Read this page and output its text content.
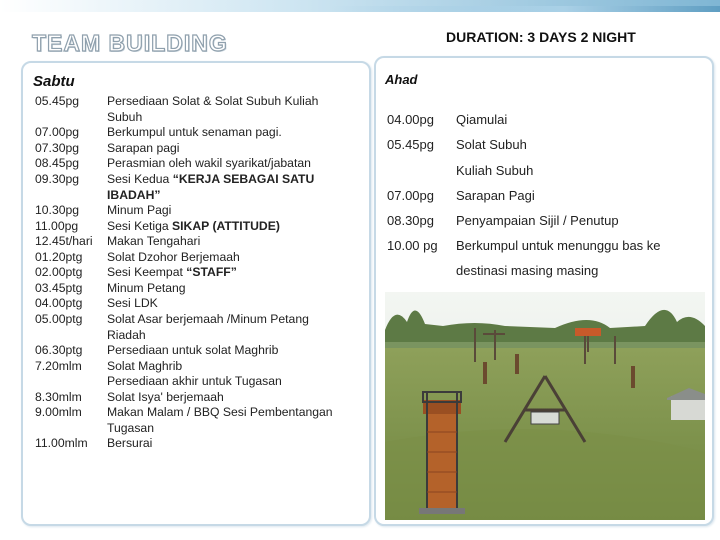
TEAM BUILDING	DURATION: 3 DAYS 2 NIGHT
Sabtu	Ahad
05.45pg Persediaan Solat & Solat Subuh Kuliah Subuh
07.00pg Berkumpul untuk senaman pagi.
07.30pg Sarapan pagi
08.45pg Perasmian oleh wakil syarikat/jabatan
09.30pg Sesi Kedua “KERJA SEBAGAI SATU IBADAH”
10.30pg Minum Pagi
11.00pg Sesi Ketiga SIKAP (ATTITUDE)
12.45t/hari Makan Tengahari
01.20ptg Solat Dzohor Berjemaah
02.00ptg Sesi Keempat “STAFF”
03.45ptg Minum Petang
04.00ptg Sesi LDK
05.00ptg Solat Asar berjemaah /Minum Petang Riadah
06.30ptg Persediaan untuk solat Maghrib
7.20mlm Solat Maghrib
Persediaan akhir untuk Tugasan
8.30mlm Solat Isya' berjemaah
9.00mlm Makan Malam / BBQ Sesi Pembentangan Tugasan
11.00mlm Bersurai
04.00pg Qiamulai
05.45pg Solat Subuh
Kuliah Subuh
07.00pg Sarapan Pagi
08.30pg Penyampaian Sijil / Penutup
10.00 pg Berkumpul untuk menunggu bas ke
destinasi masing masing
